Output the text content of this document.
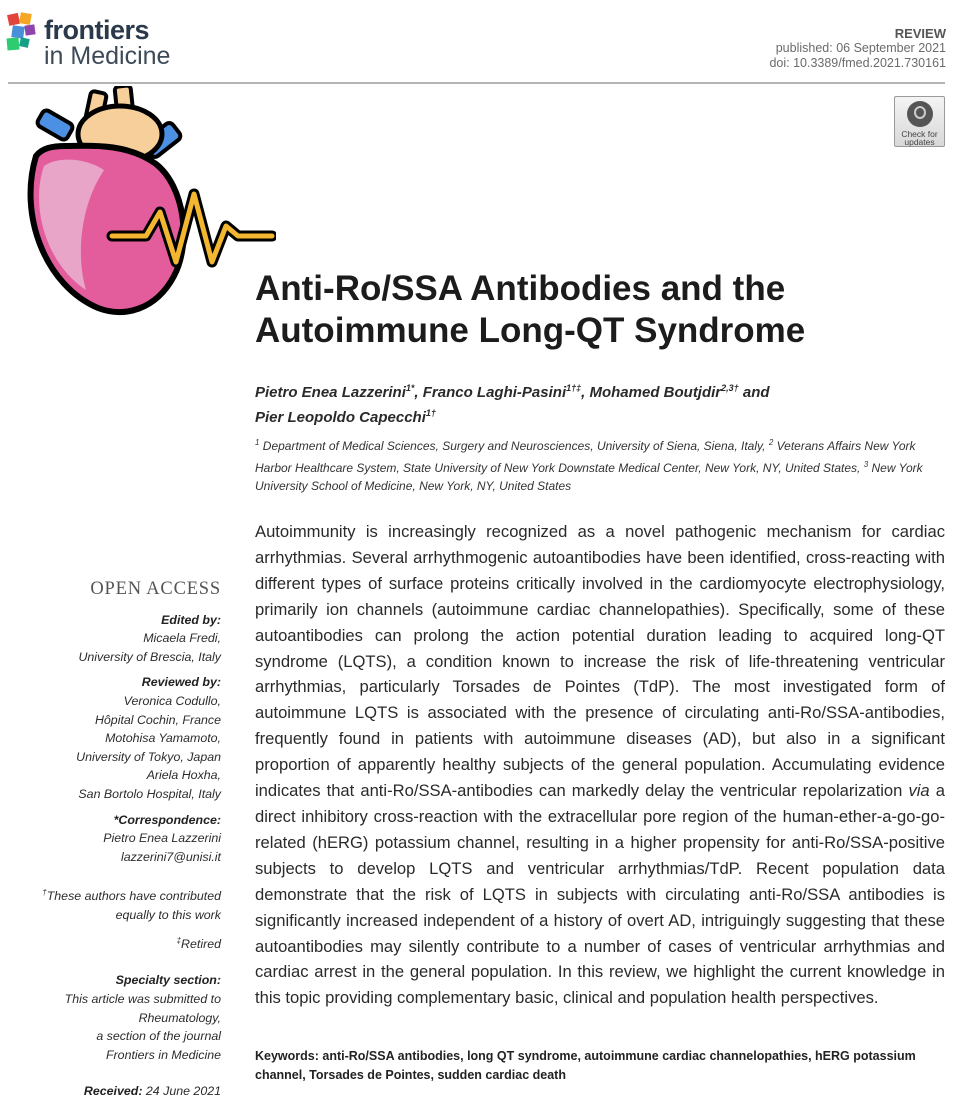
frontiers
in Medicine
REVIEW
published: 06 September 2021
doi: 10.3389/fmed.2021.730161
Check for
updates
Anti-Ro/SSA Antibodies and the
Autoimmune Long-QT Syndrome
Pietro Enea Lazzerini$^{1*}$, Franco Laghi-Pasini$^{1\dagger\ddagger}$, Mohamed Boutjdir$^{2,3\dagger}$ and
Pier Leopoldo Capecchi$^{1\dagger}$
$^1$ Department of Medical Sciences, Surgery and Neurosciences, University of Siena, Siena, Italy, $^2$ Veterans Affairs New York Harbor Healthcare System, State University of New York Downstate Medical Center, New York, NY, United States, $^3$ New York University School of Medicine, New York, NY, United States
Autoimmunity is increasingly recognized as a novel pathogenic mechanism for cardiac arrhythmias. Several arrhythmogenic autoantibodies have been identified, cross-reacting with different types of surface proteins critically involved in the cardiomyocyte electrophysiology, primarily ion channels (autoimmune cardiac channelopathies). Specifically, some of these autoantibodies can prolong the action potential duration leading to acquired long-QT syndrome (LQTS), a condition known to increase the risk of life-threatening ventricular arrhythmias, particularly Torsades de Pointes (TdP). The most investigated form of autoimmune LQTS is associated with the presence of circulating anti-Ro/SSA-antibodies, frequently found in patients with autoimmune diseases (AD), but also in a significant proportion of apparently healthy subjects of the general population. Accumulating evidence indicates that anti-Ro/SSA-antibodies can markedly delay the ventricular repolarization via a direct inhibitory cross-reaction with the extracellular pore region of the human-ether-a-go-go-related (hERG) potassium channel, resulting in a higher propensity for anti-Ro/SSA-positive subjects to develop LQTS and ventricular arrhythmias/TdP. Recent population data demonstrate that the risk of LQTS in subjects with circulating anti-Ro/SSA antibodies is significantly increased independent of a history of overt AD, intriguingly suggesting that these autoantibodies may silently contribute to a number of cases of ventricular arrhythmias and cardiac arrest in the general population. In this review, we highlight the current knowledge in this topic providing complementary basic, clinical and population health perspectives.
Keywords: anti-Ro/SSA antibodies, long QT syndrome, autoimmune cardiac channelopathies, hERG potassium channel, Torsades de Pointes, sudden cardiac death
OPEN ACCESS
Edited by:
Micaela Fredi,
University of Brescia, Italy
Reviewed by:
Veronica Codullo,
Hôpital Cochin, France
Motohisa Yamamoto,
University of Tokyo, Japan
Ariela Hoxha,
San Bortolo Hospital, Italy
*Correspondence:
Pietro Enea Lazzerini
lazzerini7@unisi.it
†These authors have contributed
equally to this work
‡Retired
Specialty section:
This article was submitted to
Rheumatology,
a section of the journal
Frontiers in Medicine
Received: 24 June 2021
